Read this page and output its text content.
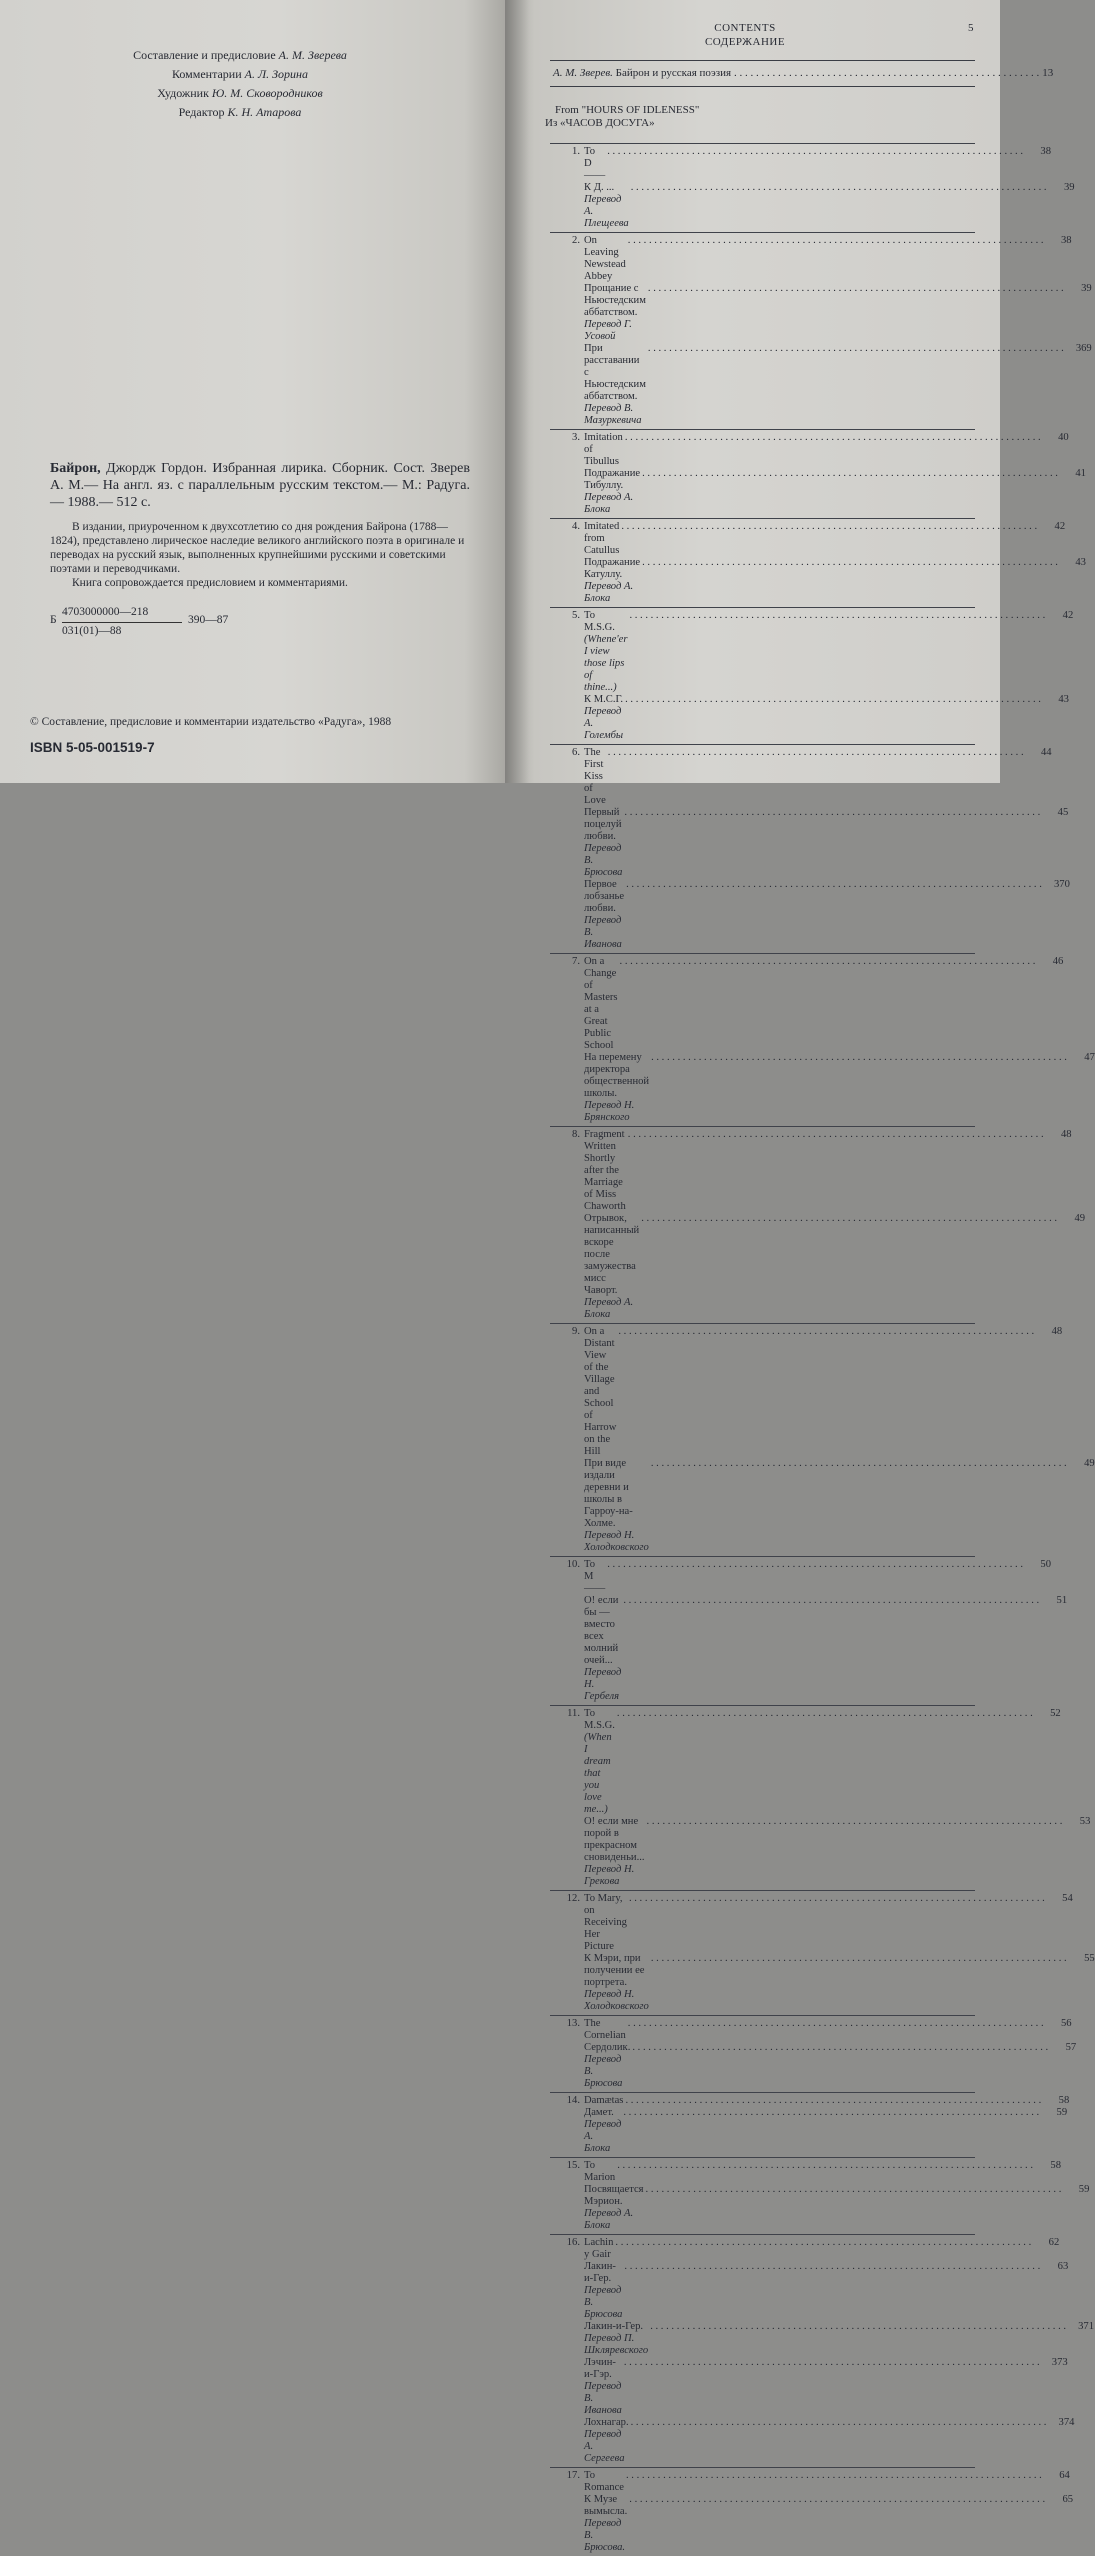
Составление и предисловие А. М. Зверева
Комментарии А. Л. Зорина
Художник Ю. М. Сковородников
Редактор К. Н. Атарова
Байрон, Джордж Гордон. Избранная лирика. Сборник. Сост. Зверев А. М.— На англ. яз. с параллельным русским текстом.— М.: Радуга.— 1988.— 512 с.

В издании, приуроченном к двухсотлетию со дня рождения Байрона (1788—1824), представлено лирическое наследие великого английского поэта в оригинале и переводах на русский язык, выполненных крупнейшими русскими и советскими поэтами и переводчиками.

Книга сопровождается предисловием и комментариями.

Б
4703000000—218
390—87
031(01)—88
© Составление, предисловие и комментарии издательство «Радуга», 1988
ISBN 5-05-001519-7
CONTENTS
СОДЕРЖАНИЕ
5
А. М. Зверев. Байрон и русская поэзия . . .	13
From "HOURS OF IDLENESS"
Из «ЧАСОВ ДОСУГА»
1. To D——
. . .
38
К Д. ... Перевод А. Плещеева
. . .
39
2. On Leaving Newstead Abbey
. . .
38
Прощание с Ньюстедским аббатством. Перевод Г. Усовой
. . .
39
При расставании с Ньюстедским аббатством. Перевод В. Мазуркевича
. . .
369
3. Imitation of Tibullus
. . .
40
Подражание Тибуллу. Перевод А. Блока
. . .
41
4. Imitated from Catullus
. . .
42
Подражание Катуллу. Перевод А. Блока
. . .
43
5. To M.S.G. (Whene'er I view those lips of thine...)
. . .
42
К М.С.Г. Перевод А. Голембы
. . .
43
6. The First Kiss of Love
. . .
44
Первый поцелуй любви. Перевод В. Брюсова
. . .
45
Первое лобзанье любви. Перевод В. Иванова
. . .
370
7. On a Change of Masters at a Great Public School
. . .
46
На перемену директора общественной школы. Перевод Н. Брянского
. . .
47
8. Fragment Written Shortly after the Marriage of Miss Chaworth
. . .
48
Отрывок, написанный вскоре после замужества мисс Чаворт. Перевод А. Блока
. . .
49
9. On a Distant View of the Village and School of Harrow on the Hill
. . .
48
При виде издали деревни и школы в Гарроу-на-Холме. Перевод Н. Холодковского
. . .
49
10. To M——
. . .
50
О! если бы — вместо всех молний очей... Перевод Н. Гербеля
. . .
51
11. To M.S.G. (When I dream that you love me...)
. . .
52
О! если мне порой в прекрасном сновиденьи... Перевод Н. Грекова
. . .
53
12. To Mary, on Receiving Her Picture
. . .
54
К Мэри, при получении ее портрета. Перевод Н. Холодковского
. . .
55
13. The Cornelian
. . .
56
Сердолик. Перевод В. Брюсова
. . .
57
14. Damætas . . .	58
Дамет. Перевод А. Блока
. . .
59
15. To Marion
. . .
58
Посвящается Мэрион. Перевод А. Блока
. . .
59
16. Lachin y Gair
. . .
62
Лакин-и-Гер. Перевод В. Брюсова
. . .
63
Лакин-и-Гер. Перевод П. Шкляревского
. . .
371
Лэчин-и-Гэр. Перевод В. Иванова
. . .
373
Лохнагар. Перевод А. Сергеева
. . .
374
17. To Romance
. . .
64
К Музе вымысла. Перевод В. Брюсова.
. . .
65
